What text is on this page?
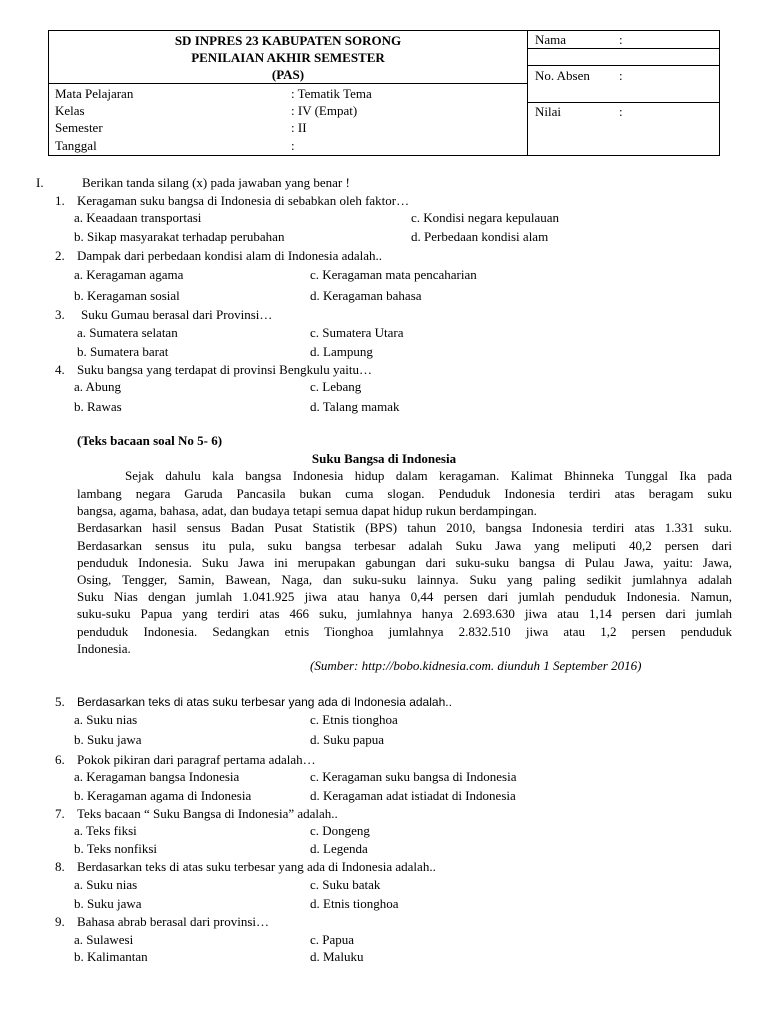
SD INPRES 23 KABUPATEN SORONG
PENILAIAN AKHIR SEMESTER
(PAS)
Mata Pelajaran	: Tematik Tema
Kelas	: IV (Empat)
Semester	: II
Tanggal	:
Nama	:
No. Absen :
Nilai	:
I.	Berikan tanda silang (x) pada jawaban yang benar !
1. Keragaman suku bangsa di Indonesia di sebabkan oleh faktor…
a. Keaadaan transportasi	c. Kondisi negara kepulauan
b. Sikap masyarakat terhadap perubahan	d. Perbedaan kondisi alam
2. Dampak dari perbedaan kondisi alam di Indonesia adalah..
a. Keragaman agama	c. Keragaman mata pencaharian
b. Keragaman sosial	d. Keragaman bahasa
3. Suku Gumau berasal dari Provinsi…
a. Sumatera selatan	c. Sumatera Utara
b. Sumatera barat	d. Lampung
4. Suku bangsa yang terdapat di provinsi Bengkulu yaitu…
a. Abung	c. Lebang
b. Rawas	d. Talang mamak
(Teks bacaan soal No 5- 6)
Suku Bangsa di Indonesia
Sejak dahulu kala bangsa Indonesia hidup dalam keragaman. Kalimat Bhinneka Tunggal Ika pada
lambang negara Garuda Pancasila bukan cuma slogan. Penduduk Indonesia terdiri atas beragam suku
bangsa, agama, bahasa, adat, dan budaya tetapi semua dapat hidup rukun berdampingan.
Berdasarkan hasil sensus Badan Pusat Statistik (BPS) tahun 2010, bangsa Indonesia terdiri atas 1.331 suku.
Berdasarkan sensus itu pula, suku bangsa terbesar adalah Suku Jawa yang meliputi 40,2 persen dari
penduduk Indonesia. Suku Jawa ini merupakan gabungan dari suku-suku bangsa di Pulau Jawa, yaitu: Jawa,
Osing, Tengger, Samin, Bawean, Naga, dan suku-suku lainnya. Suku yang paling sedikit jumlahnya adalah
Suku Nias dengan jumlah 1.041.925 jiwa atau hanya 0,44 persen dari jumlah penduduk Indonesia. Namun,
suku-suku Papua yang terdiri atas 466 suku, jumlahnya hanya 2.693.630 jiwa atau 1,14 persen dari jumlah
penduduk Indonesia. Sedangkan etnis Tionghoa jumlahnya 2.832.510 jiwa atau 1,2 persen penduduk
Indonesia.
(Sumber: http://bobo.kidnesia.com. diunduh 1 September 2016)
5. Berdasarkan teks di atas suku terbesar yang ada di Indonesia adalah..
a. Suku nias	c. Etnis tionghoa
b. Suku jawa	d. Suku papua
6. Pokok pikiran dari paragraf pertama adalah…
a. Keragaman bangsa Indonesia	c. Keragaman suku bangsa di Indonesia
b. Keragaman agama di Indonesia	d. Keragaman adat istiadat di Indonesia
7. Teks bacaan “ Suku Bangsa di Indonesia” adalah..
a. Teks fiksi	c. Dongeng
b. Teks nonfiksi	d. Legenda
8. Berdasarkan teks di atas suku terbesar yang ada di Indonesia adalah..
a. Suku nias	c. Suku batak
b. Suku jawa	d. Etnis tionghoa
9. Bahasa abrab berasal dari provinsi…
a. Sulawesi	c. Papua
b. Kalimantan	d. Maluku
